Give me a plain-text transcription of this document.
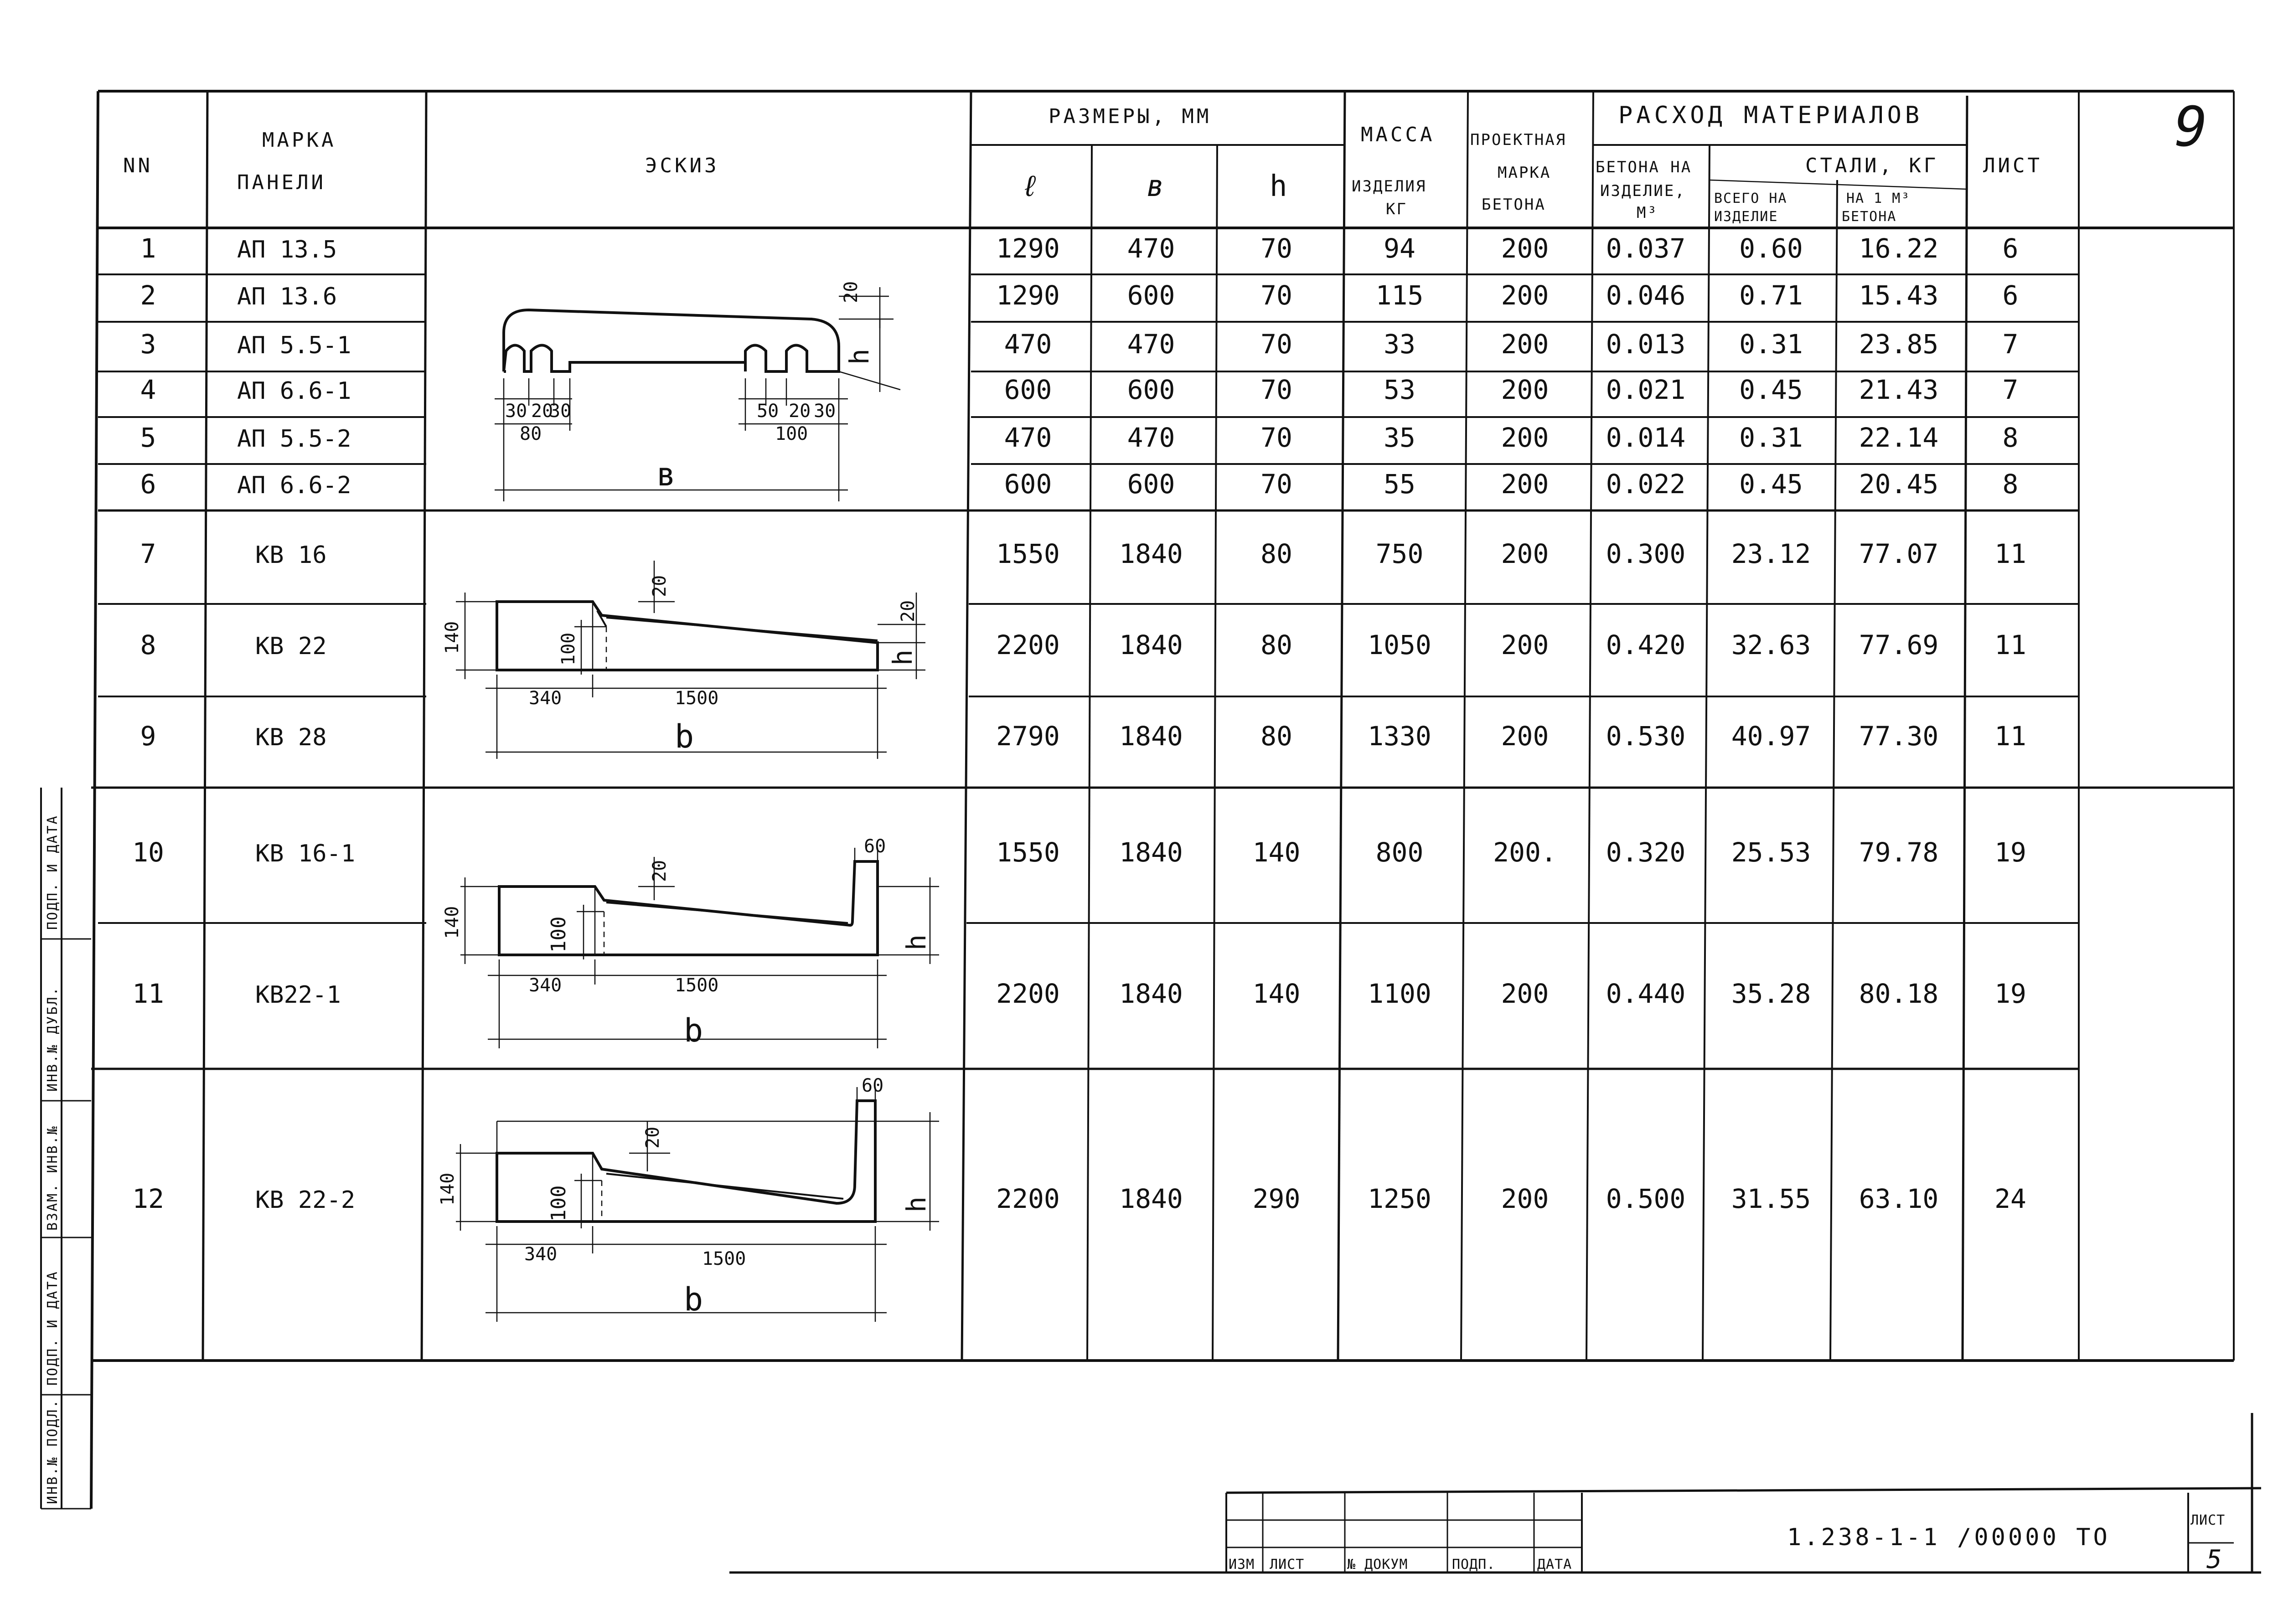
NN
МАРКА
ПАНЕЛИ
ЭСКИЗ
РАЗМЕРЫ, ММ
ℓ	в	h
МАССА
ИЗДЕЛИЯ
КГ
ПРОЕКТНАЯ
МАРКА
БЕТОНА
РАСХОД МАТЕРИАЛОВ
БЕТОНА НА
ИЗДЕЛИЕ,
М³
СТАЛИ, КГ
ВСЕГО НА
ИЗДЕЛИЕ
НА 1 М³
БЕТОНА
ЛИСТ
9
1	АП 13.5	1290	470	70	94	200 0.037 0.60 16.22 6
2	АП 13.6	1290	600	70	115	200 0.046 0.71 15.43 6
3	АП 5.5-1	470	470	70	33	200 0.013 0.31 23.85 7
4	АП 6.6-1	600	600	70	53	200 0.021 0.45 21.43 7
5	АП 5.5-2	470	470	70	35	200 0.014 0.31 22.14 8
6	АП 6.6-2	600	600	70	55	200 0.022 0.45 20.45 8
7	КВ 16	1550 1840	80	750	200 0.300 23.12 77.07 11
8	КВ 22	2200 1840	80	1050	200 0.420 32.63 77.69 11
9	КВ 28	2790 1840	80	1330	200 0.530 40.97 77.30 11
10	КВ 16-1	1550 1840	140	800	200. 0.320 25.53 79.78 19
11	КВ22-1	2200 1840	140	1100	200 0.440 35.28 80.18 19
12	КВ 22-2	2200 1840	290	1250	200 0.500 31.55 63.10 24
20
h
30 20
30
80
50 20 30
100
в
20
20
140	100	h
340	1500
b
60
20
140	100	h
340	1500
b
60
20
140	100	h
340	1500
b
ПОДП. И ДАТА
ИНВ.№ ДУБЛ.
ВЗАМ. ИНВ.№
ПОДП. И ДАТА
ИНВ.№ ПОДЛ.
ИЗМ ЛИСТ	№ ДОКУМ	ПОДП.	ДАТА
1.238-1-1 /00000 ТО
ЛИСТ
5
